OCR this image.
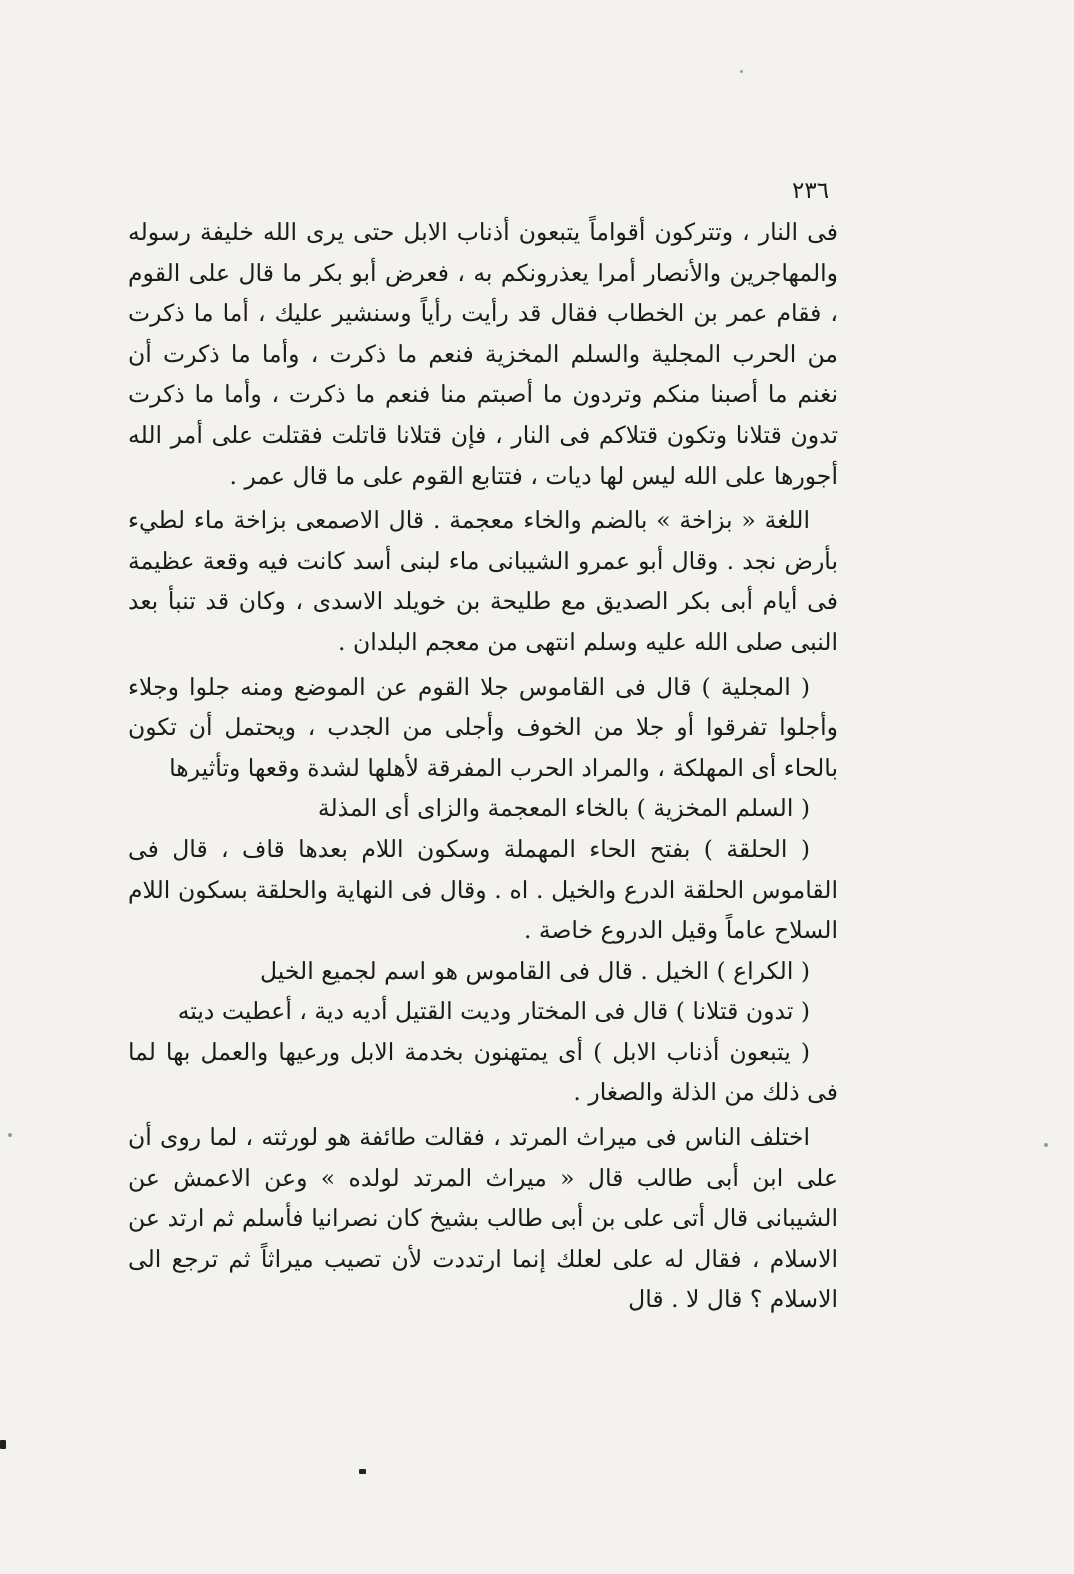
٢٣٦

فى النار ، وتتركون أقواماً يتبعون أذناب الابل حتى يرى الله خليفة رسوله والمهاجرين والأنصار أمرا يعذرونكم به ، فعرض أبو بكر ما قال على القوم ، فقام عمر بن الخطاب فقال قد رأيت رأياً وسنشير عليك ، أما ما ذكرت من الحرب المجلية والسلم المخزية فنعم ما ذكرت ، وأما ما ذكرت أن نغنم ما أصبنا منكم وتردون ما أصبتم منا فنعم ما ذكرت ، وأما ما ذكرت تدون قتلانا وتكون قتلاكم فى النار ، فإن قتلانا قاتلت فقتلت على أمر الله أجورها على الله ليس لها ديات ، فتتابع القوم على ما قال عمر .

اللغة « بزاخة » بالضم والخاء معجمة . قال الاصمعى بزاخة ماء لطيء بأرض نجد . وقال أبو عمرو الشيبانى ماء لبنى أسد كانت فيه وقعة عظيمة فى أيام أبى بكر الصديق مع طليحة بن خويلد الاسدى ، وكان قد تنبأ بعد النبى صلى الله عليه وسلم انتهى من معجم البلدان .

( المجلية ) قال فى القاموس جلا القوم عن الموضع ومنه جلوا وجلاء وأجلوا تفرقوا أو جلا من الخوف وأجلى من الجدب ، ويحتمل أن تكون بالحاء أى المهلكة ، والمراد الحرب المفرقة لأهلها لشدة وقعها وتأثيرها

( السلم المخزية ) بالخاء المعجمة والزاى أى المذلة

( الحلقة ) بفتح الحاء المهملة وسكون اللام بعدها قاف ، قال فى القاموس الحلقة الدرع والخيل . اه . وقال فى النهاية والحلقة بسكون اللام السلاح عاماً وقيل الدروع خاصة .

( الكراع ) الخيل . قال فى القاموس هو اسم لجميع الخيل

( تدون قتلانا ) قال فى المختار وديت القتيل أديه دية ، أعطيت ديته

( يتبعون أذناب الابل ) أى يمتهنون بخدمة الابل ورعيها والعمل بها لما فى ذلك من الذلة والصغار .

اختلف الناس فى ميراث المرتد ، فقالت طائفة هو لورثته ، لما روى أن على ابن أبى طالب قال « ميراث المرتد لولده » وعن الاعمش عن الشيبانى قال أتى على بن أبى طالب بشيخ كان نصرانيا فأسلم ثم ارتد عن الاسلام ، فقال له على لعلك إنما ارتددت لأن تصيب ميراثاً ثم ترجع الى الاسلام ؟ قال لا . قال
